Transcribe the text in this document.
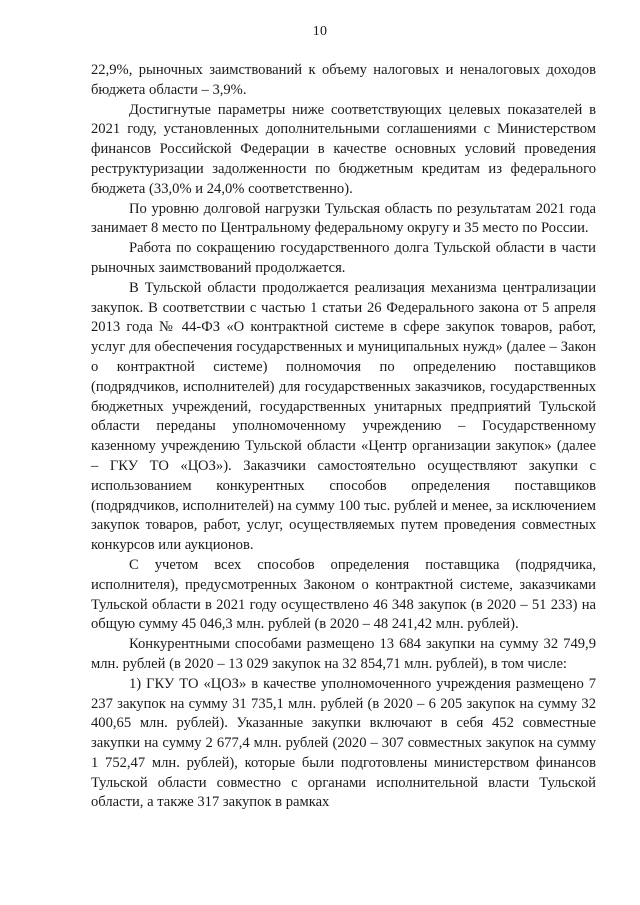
10

22,9%, рыночных заимствований к объему налоговых и неналоговых доходов бюджета области – 3,9%.

Достигнутые параметры ниже соответствующих целевых показателей в 2021 году, установленных дополнительными соглашениями с Министерством финансов Российской Федерации в качестве основных условий проведения реструктуризации задолженности по бюджетным кредитам из федерального бюджета (33,0% и 24,0% соответственно).

По уровню долговой нагрузки Тульская область по результатам 2021 года занимает 8 место по Центральному федеральному округу и 35 место по России.

Работа по сокращению государственного долга Тульской области в части рыночных заимствований продолжается.

В Тульской области продолжается реализация механизма централизации закупок. В соответствии с частью 1 статьи 26 Федерального закона от 5 апреля 2013 года № 44-ФЗ «О контрактной системе в сфере закупок товаров, работ, услуг для обеспечения государственных и муниципальных нужд» (далее – Закон о контрактной системе) полномочия по определению поставщиков (подрядчиков, исполнителей) для государственных заказчиков, государственных бюджетных учреждений, государственных унитарных предприятий Тульской области переданы уполномоченному учреждению – Государственному казенному учреждению Тульской области «Центр организации закупок» (далее – ГКУ ТО «ЦОЗ»). Заказчики самостоятельно осуществляют закупки с использованием конкурентных способов определения поставщиков (подрядчиков, исполнителей) на сумму 100 тыс. рублей и менее, за исключением закупок товаров, работ, услуг, осуществляемых путем проведения совместных конкурсов или аукционов.

С учетом всех способов определения поставщика (подрядчика, исполнителя), предусмотренных Законом о контрактной системе, заказчиками Тульской области в 2021 году осуществлено 46 348 закупок (в 2020 – 51 233) на общую сумму 45 046,3 млн. рублей (в 2020 – 48 241,42 млн. рублей).

Конкурентными способами размещено 13 684 закупки на сумму 32 749,9 млн. рублей (в 2020 – 13 029 закупок на 32 854,71 млн. рублей), в том числе:

1) ГКУ ТО «ЦОЗ» в качестве уполномоченного учреждения размещено 7 237 закупок на сумму 31 735,1 млн. рублей (в 2020 – 6 205 закупок на сумму 32 400,65 млн. рублей). Указанные закупки включают в себя 452 совместные закупки на сумму 2 677,4 млн. рублей (2020 – 307 совместных закупок на сумму 1 752,47 млн. рублей), которые были подготовлены министерством финансов Тульской области совместно с органами исполнительной власти Тульской области, а также 317 закупок в рамках
